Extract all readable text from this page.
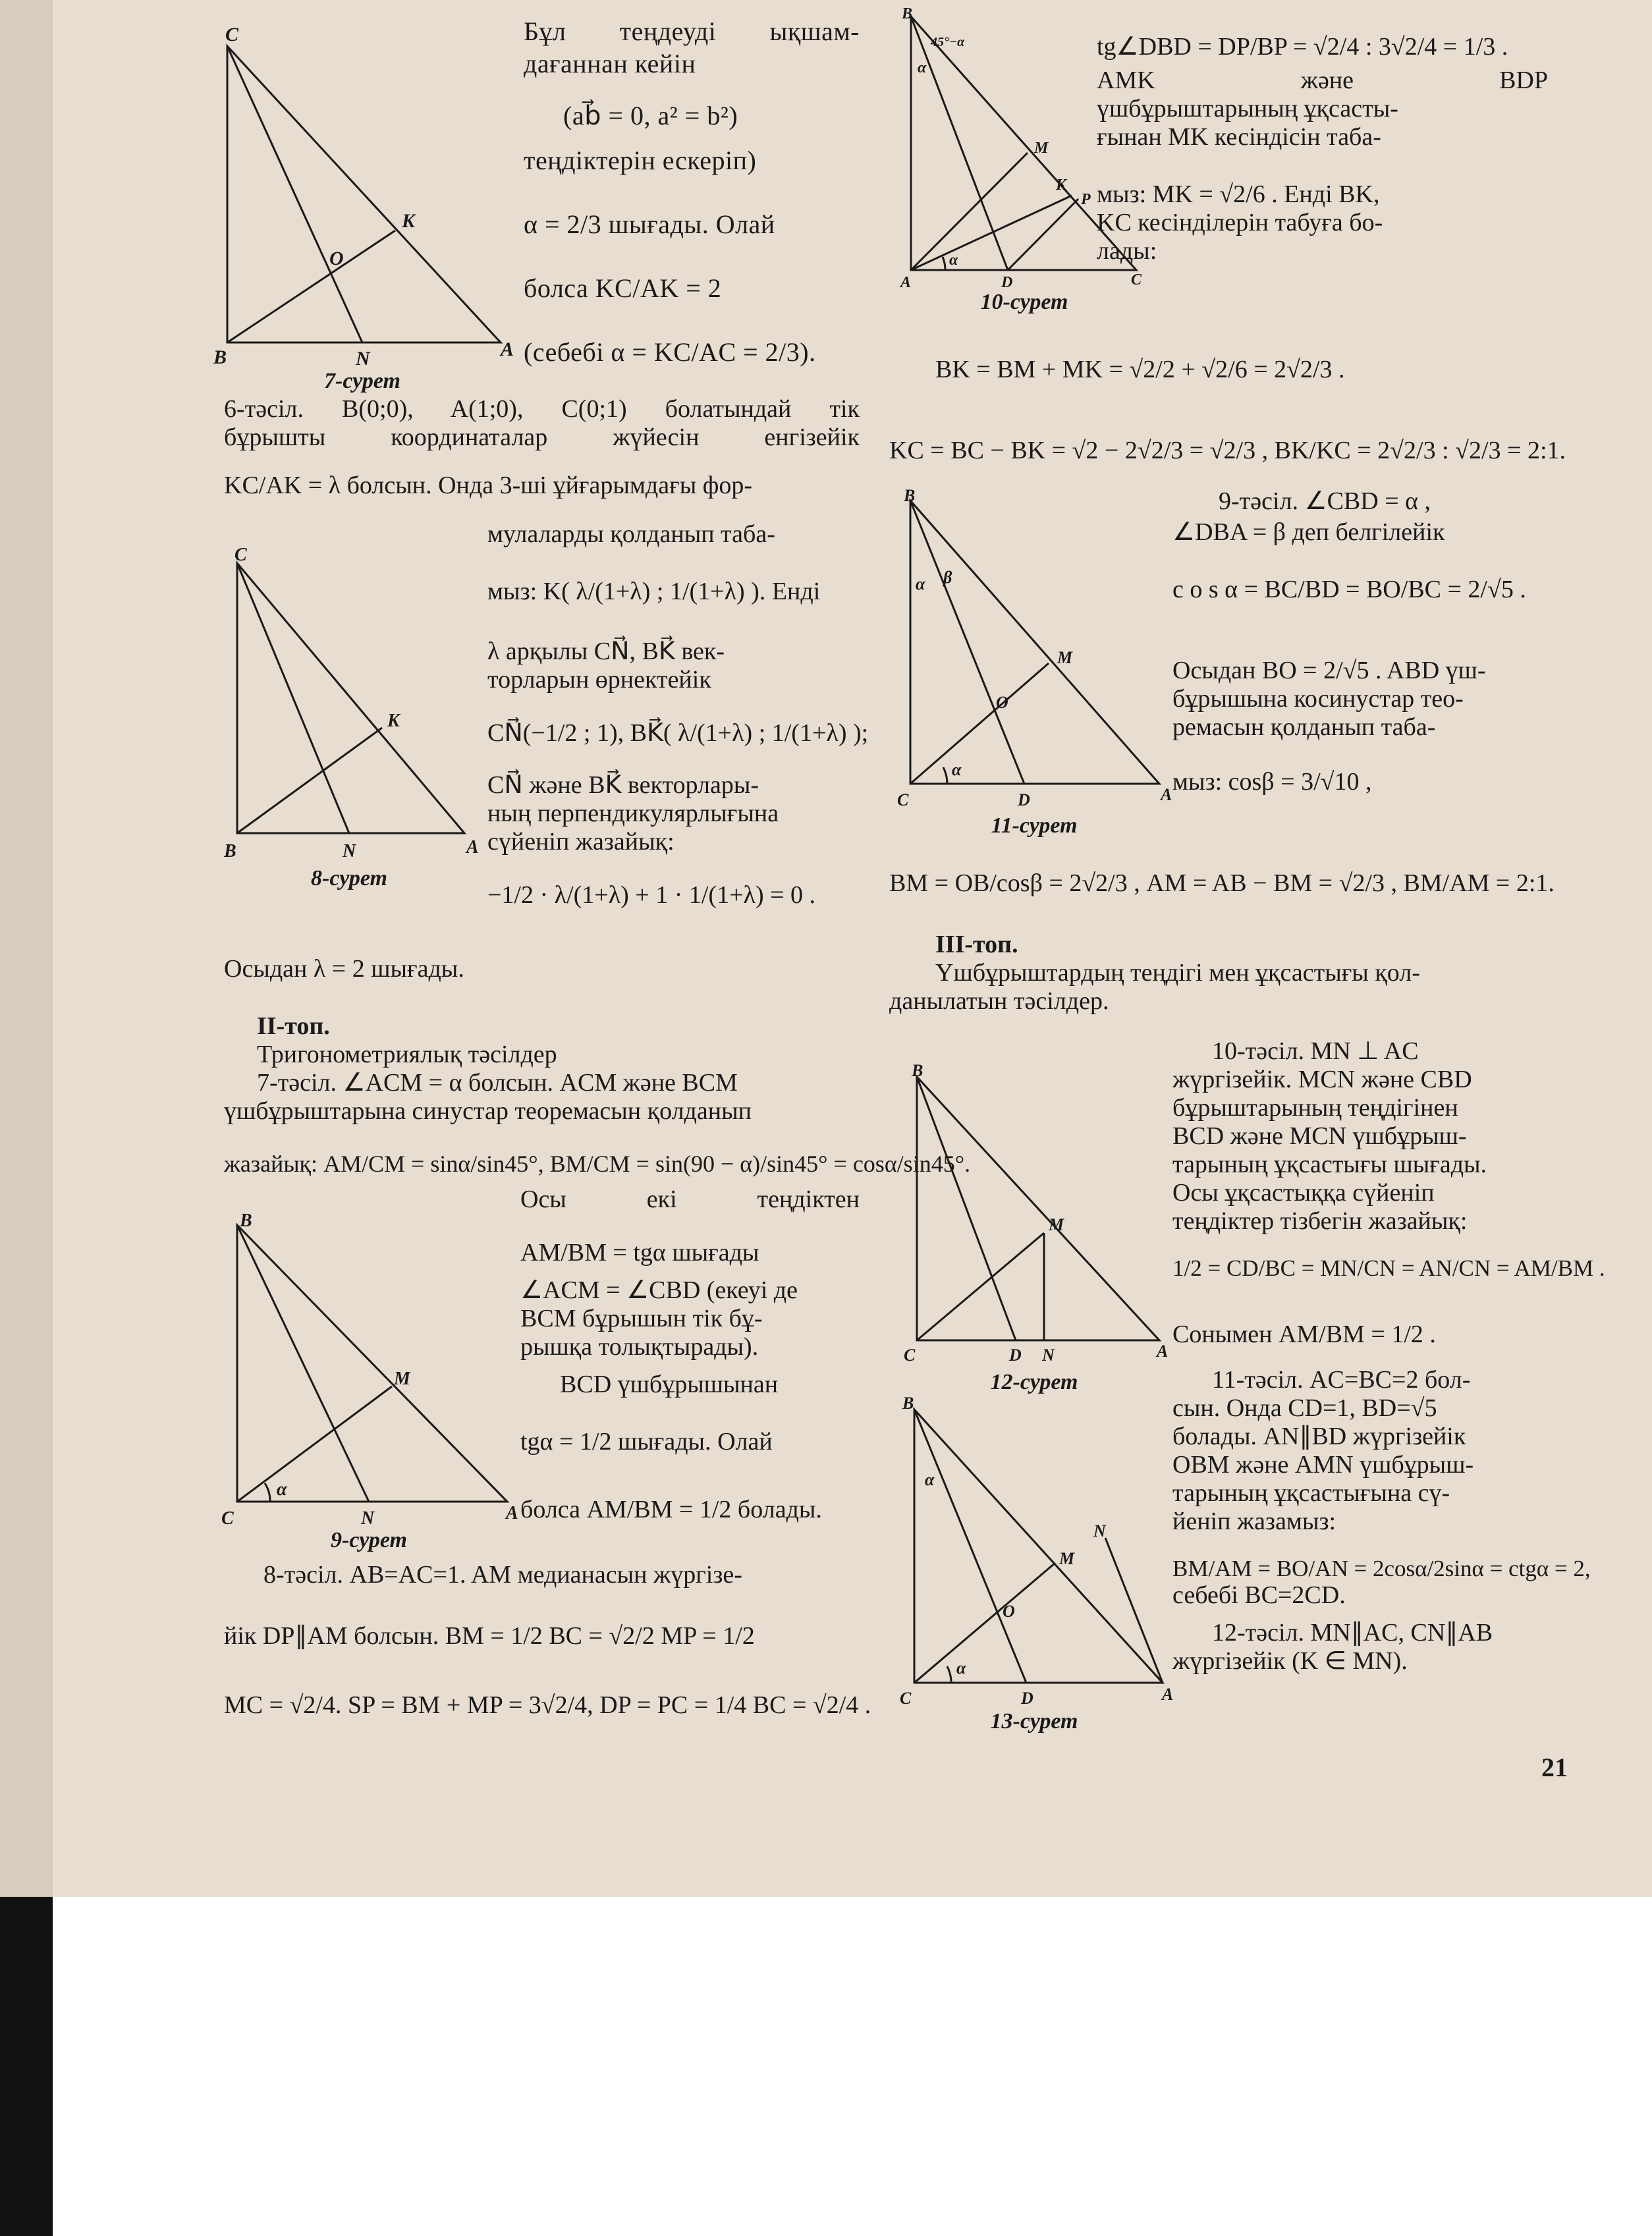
Бұл теңдеуді ықшам-
дағаннан кейін
(ab⃗ = 0, a² = b²)
теңдіктерін ескеріп)
α = 2/3 шығады. Олай
болса KC/AK = 2
(себебі α = KC/AC = 2/3).
6-тәсіл. B(0;0), A(1;0), C(0;1) болатындай тік
бұрышты координаталар жүйесін енгізейік
KC/AK = λ болсын. Онда 3-ші ұйғарымдағы фор-
мулаларды қолданып таба-
мыз: K( λ/(1+λ) ; 1/(1+λ) ). Енді
λ арқылы CN⃗, BK⃗ век-
торларын өрнектейік
CN⃗(−1/2 ; 1), BK⃗( λ/(1+λ) ; 1/(1+λ) );
CN⃗ және BK⃗ векторлары-
ның перпендикулярлығына
сүйеніп жазайық:
−1/2 · λ/(1+λ) + 1 · 1/(1+λ) = 0 .
Осыдан λ = 2 шығады.
II-топ.
Тригонометриялық тәсілдер
7-тәсіл. ∠ACM = α болсын. ACM және BCM
үшбұрыштарына синустар теоремасын қолданып
жазайық: AM/CM = sinα/sin45°, BM/CM = sin(90 − α)/sin45° = cosα/sin45°.
Осы екі теңдіктен
AM/BM = tgα шығады
∠ACM = ∠CBD (екеуі де
BCM бұрышын тік бұ-
рышқа толықтырады).
BCD үшбұрышынан
tgα = 1/2 шығады. Олай
болса AM/BM = 1/2 болады.
8-тәсіл. AB=AC=1. AM медианасын жүргізе-
йік DP∥AM болсын. BM = 1/2 BC = √2/2 MP = 1/2
MC = √2/4. SP = BM + MP = 3√2/4, DP = PC = 1/4 BC = √2/4 .
tg∠DBD = DP/BP = √2/4 : 3√2/4 = 1/3 .
AMK және BDP
үшбұрыштарының ұқсасты-
ғынан MK кесіндісін таба-
мыз: MK = √2/6 . Енді BK,
KC кесінділерін табуға бо-
лады:
BK = BM + MK = √2/2 + √2/6 = 2√2/3 .
KC = BC − BK = √2 − 2√2/3 = √2/3 , BK/KC = 2√2/3 : √2/3 = 2:1.
9-тәсіл. ∠CBD = α ,
∠DBA = β деп белгілейік
c o s α = BC/BD = BO/BC = 2/√5 .
Осыдан BO = 2/√5 . ABD үш-
бұрышына косинустар тео-
ремасын қолданып таба-
мыз: cosβ = 3/√10 ,
BM = OB/cosβ = 2√2/3 , AM = AB − BM = √2/3 , BM/AM = 2:1.
III-топ.
Үшбұрыштардың теңдігі мен ұқсастығы қол-
данылатын тәсілдер.
10-тәсіл. MN ⊥ AC
жүргізейік. MCN және CBD
бұрыштарының теңдігінен
BCD және MCN үшбұрыш-
тарының ұқсастығы шығады.
Осы ұқсастыққа сүйеніп
теңдіктер тізбегін жазайық:
1/2 = CD/BC = MN/CN = AN/CN = AM/BM .
Сонымен AM/BM = 1/2 .
11-тәсіл. AC=BC=2 бол-
сын. Онда CD=1, BD=√5
болады. AN∥BD жүргізейік
OBM және AMN үшбұрыш-
тарының ұқсастығына сү-
йеніп жазамыз:
BM/AM = BO/AN = 2cosα/2sinα = ctgα = 2,
себебі BC=2CD.
12-тәсіл. MN∥AC, CN∥AB
жүргізейік (K ∈ MN).
21
C
K
O
B	N	A
7-сурет
C
K
B	N	A
8-сурет
B
M
α
C	N	A
9-сурет
B
α
45°−α
M
K
P
α
A	D	C
10-сурет
B
α β
M
O
α
C	D	A
11-сурет
B
M
C	D N	A
12-сурет
B
α
N
M
O
α
C	D	A
13-сурет
